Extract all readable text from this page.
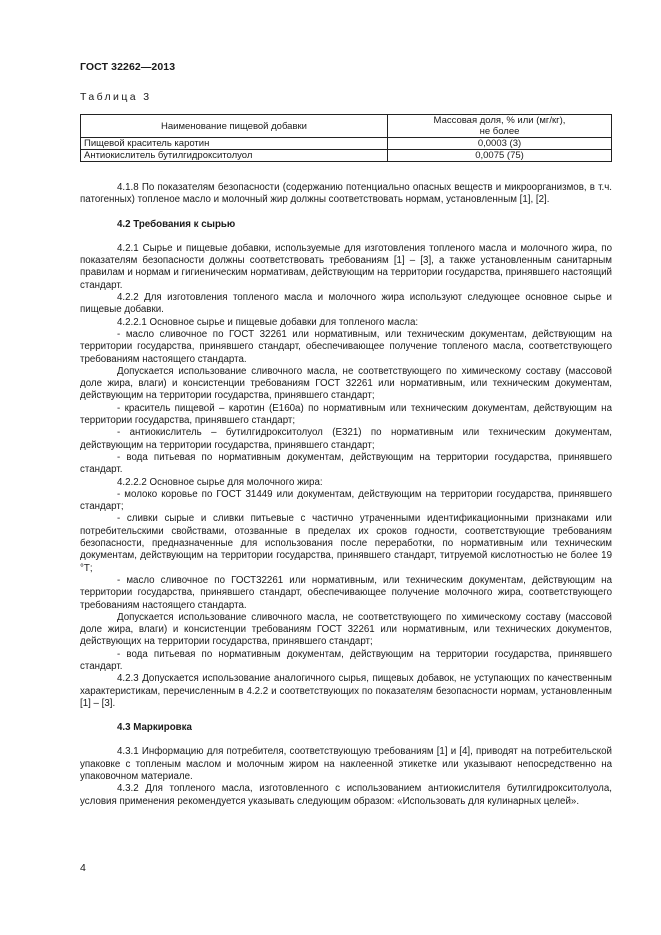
ГОСТ 32262—2013
Таблица 3
Наименование пищевой добавки	Массовая доля, % или (мг/кг),
не более
Пищевой краситель каротин	0,0003 (3)
Антиокислитель бутилгидрокситолуол	0,0075 (75)

4.1.8 По показателям безопасности (содержанию потенциально опасных веществ и микроорганизмов, в т.ч. патогенных) топленое масло и молочный жир должны соответствовать нормам, установленным [1], [2].

4.2 Требования к сырью

4.2.1 Сырье и пищевые добавки, используемые для изготовления топленого масла и молочного жира, по показателям безопасности должны соответствовать требованиям [1] – [3], а также установленным санитарным правилам и нормам и гигиеническим нормативам, действующим на территории государства, принявшего настоящий стандарт.

4.2.2 Для изготовления топленого масла и молочного жира используют следующее основное сырье и пищевые добавки.

4.2.2.1 Основное сырье и пищевые добавки для топленого масла:

- масло сливочное по ГОСТ 32261 или нормативным, или техническим документам, действующим на территории государства, принявшего стандарт, обеспечивающее получение топленого масла, соответствующего требованиям настоящего стандарта.

Допускается использование сливочного масла, не соответствующего по химическому составу (массовой доле жира, влаги) и консистенции требованиям ГОСТ 32261 или нормативным, или техническим документам, действующим на территории государства, принявшего стандарт;

- краситель пищевой – каротин (Е160а) по нормативным или техническим документам, действующим на территории государства, принявшего стандарт;

- антиокислитель – бутилгидрокситолуол (Е321) по нормативным или техническим документам, действующим на территории государства, принявшего стандарт;

- вода питьевая по нормативным документам, действующим на территории государства, принявшего стандарт.

4.2.2.2 Основное сырье для молочного жира:

- молоко коровье по ГОСТ 31449 или документам, действующим на территории государства, принявшего стандарт;

- сливки сырые и сливки питьевые с частично утраченными идентификационными признаками или потребительскими свойствами, отозванные в пределах их сроков годности, соответствующие требованиям безопасности, предназначенные для использования после переработки, по нормативным или техническим документам, действующим на территории государства, принявшего стандарт, титруемой кислотностью не более 19 °Т;

- масло сливочное по ГОСТ32261 или нормативным, или техническим документам, действующим на территории государства, принявшего стандарт, обеспечивающее получение молочного жира, соответствующего требованиям настоящего стандарта.

Допускается использование сливочного масла, не соответствующего по химическому составу (массовой доле жира, влаги) и консистенции требованиям ГОСТ 32261 или нормативным, или технических документов, действующих на территории государства, принявшего стандарт;

- вода питьевая по нормативным документам, действующим на территории государства, принявшего стандарт.

4.2.3 Допускается использование аналогичного сырья, пищевых добавок, не уступающих по качественным характеристикам, перечисленным в 4.2.2 и соответствующих по показателям безопасности нормам, установленным [1] – [3].

4.3 Маркировка

4.3.1 Информацию для потребителя, соответствующую требованиям [1] и [4], приводят на потребительской упаковке с топленым маслом и молочным жиром на наклеенной этикетке или указывают непосредственно на упаковочном материале.

4.3.2 Для топленого масла, изготовленного с использованием антиокислителя бутилгидрокситолуола, условия применения рекомендуется указывать следующим образом: «Использовать для кулинарных целей».

4
